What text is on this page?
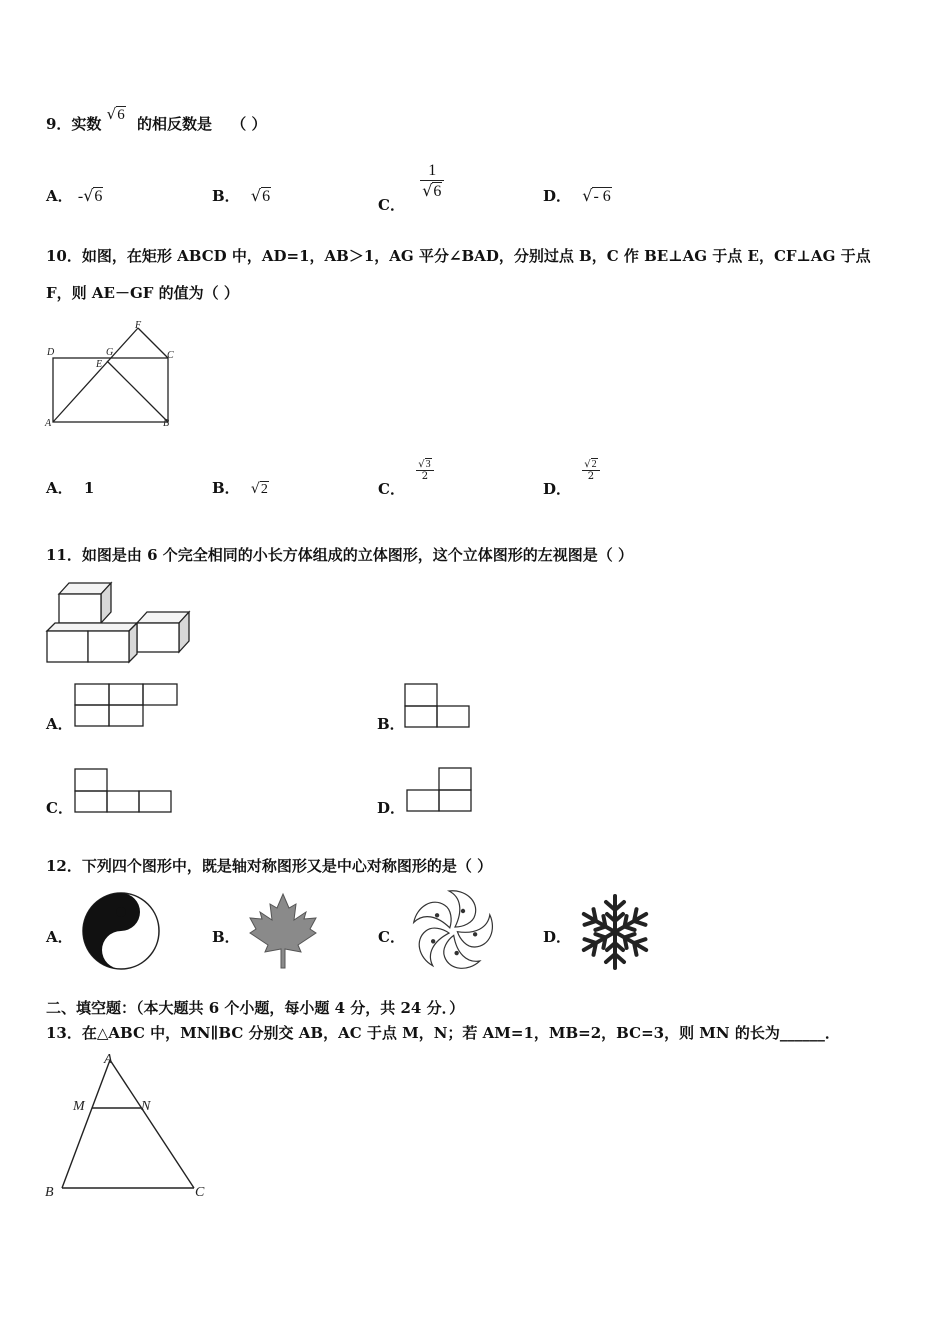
9．实数 √6 的相反数是 （ ）
A． -√6	B． √6	C．
$\frac{1}{√6}$	D． √- 6
10．如图，在矩形 ABCD 中，AD=1，AB＞1，AG 平分∠BAD，分别过点 B，C 作 BE⊥AG 于点 E，CF⊥AG 于点
F，则 AE－GF 的值为（ ）
D	G
E
F
C
A	B
A． 1	B． √2	C．
$\frac{√3}{2}$
D．
$\frac{√2}{2}$
11．如图是由 6 个完全相同的小长方体组成的立体图形，这个立体图形的左视图是（ ）
A．	B．
C．	D．
12．下列四个图形中，既是轴对称图形又是中心对称图形的是（ ）
A．	B．	C．	D．
二、填空题：（本大题共 6 个小题，每小题 4 分，共 24 分．）
13．在△ABC 中，MN∥BC 分别交 AB，AC 于点 M，N；若 AM=1，MB=2，BC=3，则 MN 的长为______．
A
M	N
B	C
